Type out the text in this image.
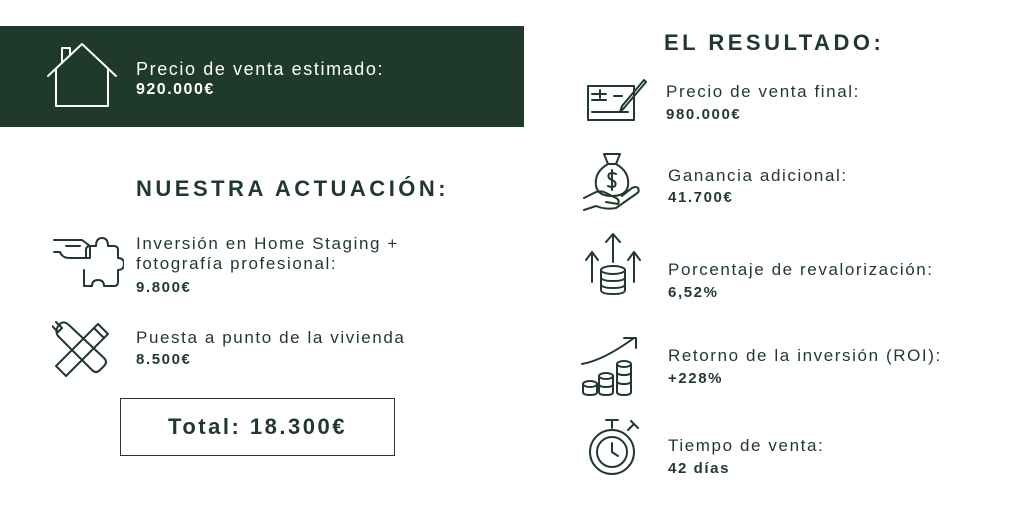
Precio de venta estimado:
920.000€
NUESTRA ACTUACIÓN:
Inversión en Home Staging +
fotografía profesional:
9.800€
Puesta a punto de la vivienda
8.500€
Total: 18.300€
EL RESULTADO:
Precio de venta final:
980.000€
Ganancia adicional:
41.700€
Porcentaje de revalorización:
6,52%
Retorno de la inversión (ROI):
+228%
Tiempo de venta:
42 días
